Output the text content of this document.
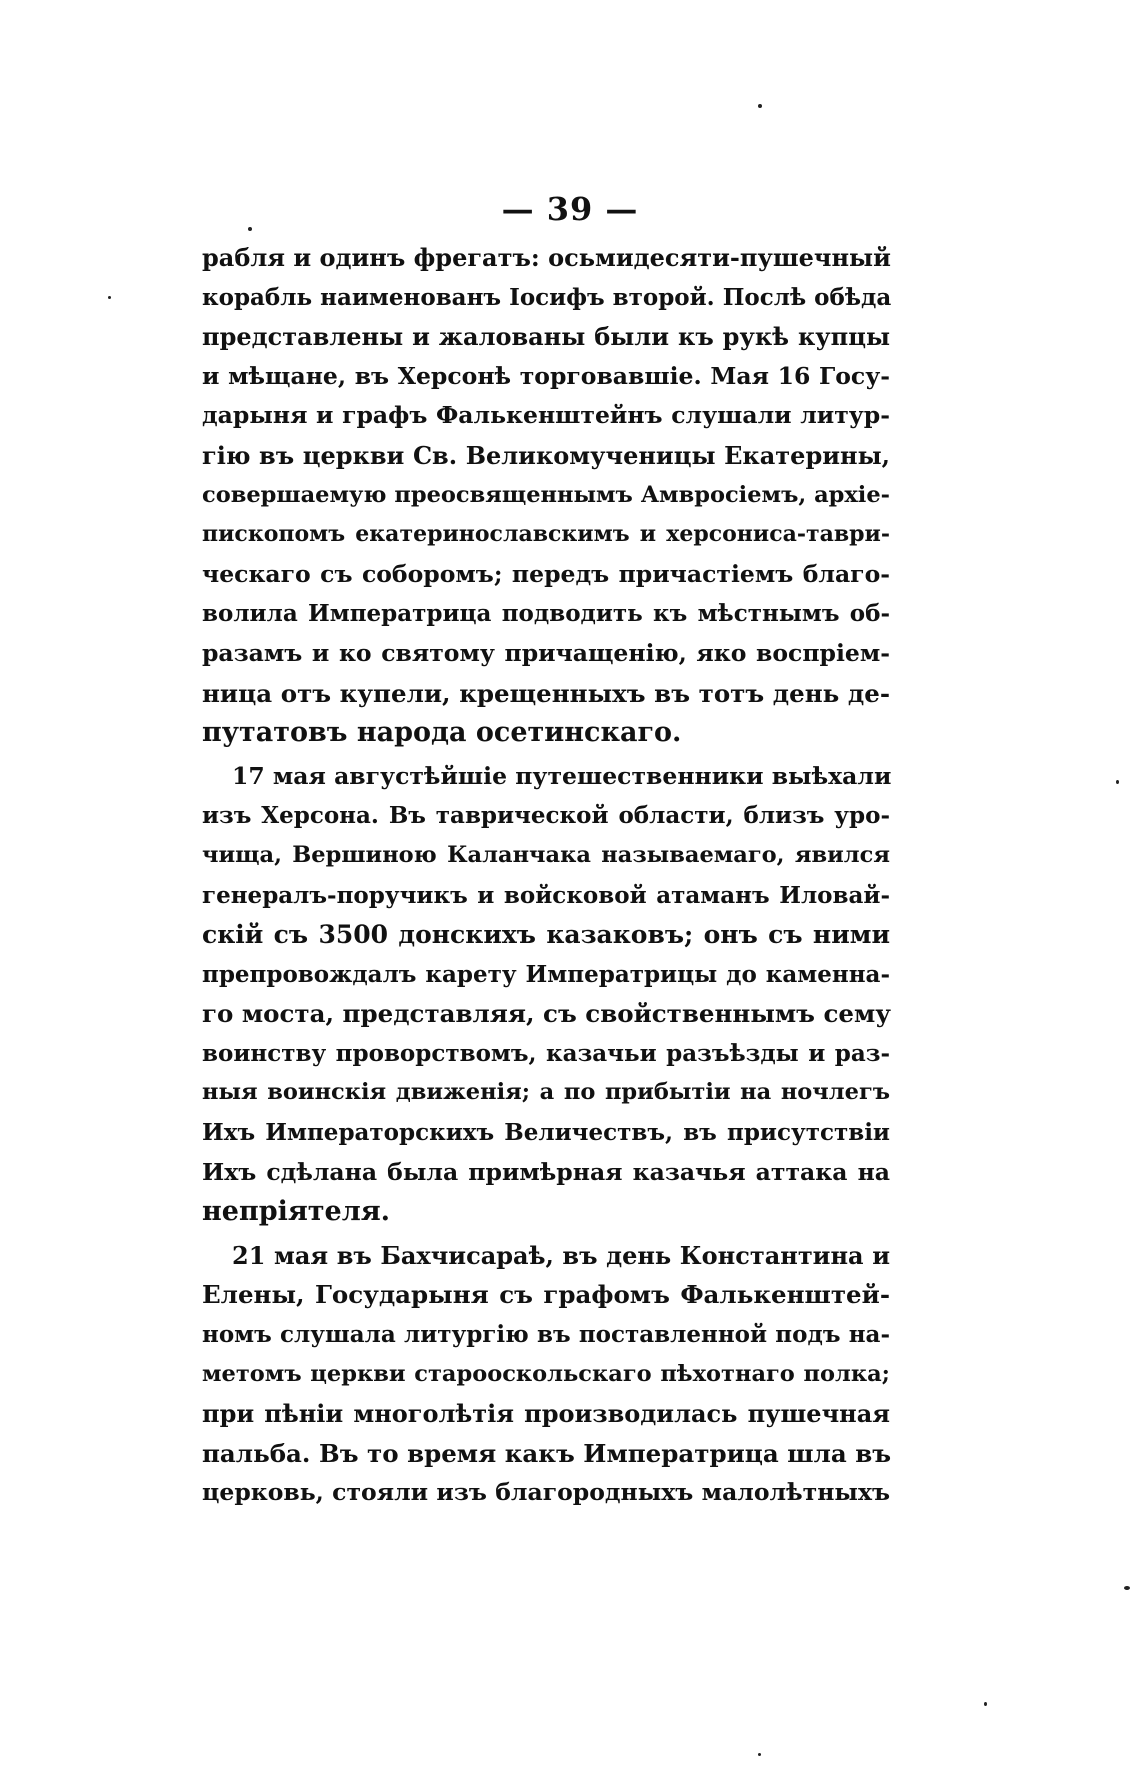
— 39 —
рабля и одинъ фрегатъ: осьмидесяти-пушечный
корабль наименованъ Іосифъ второй. Послѣ обѣда
представлены и жалованы были къ рукѣ купцы
и мѣщане, въ Херсонѣ торговавшіе. Мая 16 Госу-
дарыня и графъ Фалькенштейнъ слушали литур-
гію въ церкви Св. Великомученицы Екатерины,
совершаемую преосвященнымъ Амвросіемъ, архіе-
пископомъ екатеринославскимъ и херсониса-таври-
ческаго съ соборомъ; передъ причастіемъ благо-
волила Императрица подводить къ мѣстнымъ об-
разамъ и ко святому причащенію, яко воспріем-
ница отъ купели, крещенныхъ въ тотъ день де-
путатовъ народа осетинскаго.
17 мая августѣйшіе путешественники выѣхали
изъ Херсона. Въ таврической области, близъ уро-
чища, Вершиною Каланчака называемаго, явился
генералъ-поручикъ и войсковой атаманъ Иловай-
скій съ 3500 донскихъ казаковъ; онъ съ ними
препровождалъ карету Императрицы до каменна-
го моста, представляя, съ свойственнымъ сему
воинству проворствомъ, казачьи разъѣзды и раз-
ныя воинскія движенія; а по прибытіи на ночлегъ
Ихъ Императорскихъ Величествъ, въ присутствіи
Ихъ сдѣлана была примѣрная казачья аттака на
непріятеля.
21 мая въ Бахчисараѣ, въ день Константина и
Елены, Государыня съ графомъ Фалькенштей-
номъ слушала литургію въ поставленной подъ на-
метомъ церкви старооскольскаго пѣхотнаго полка;
при пѣніи многолѣтія производилась пушечная
пальба. Въ то время какъ Императрица шла въ
церковь, стояли изъ благородныхъ малолѣтныхъ
